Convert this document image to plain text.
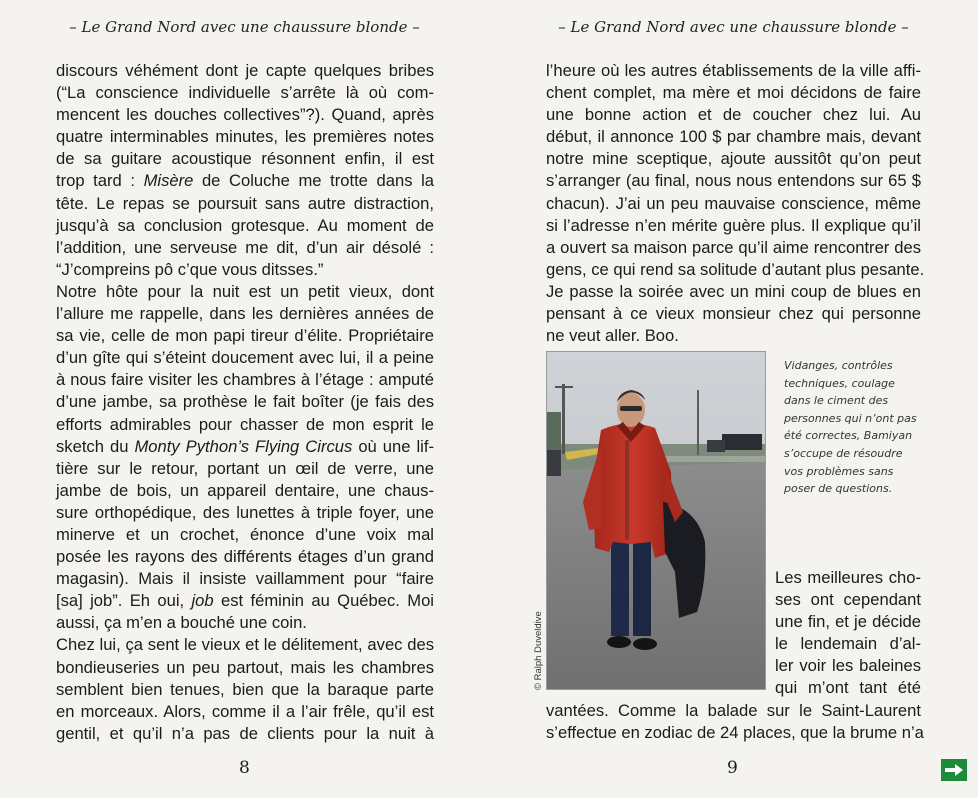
– Le Grand Nord avec une chaussure blonde –	– Le Grand Nord avec une chaussure blonde –
discours véhément dont je capte quelques bribes
(“La conscience individuelle s’arrête là où com-
mencent les douches collectives”?). Quand, après
quatre interminables minutes, les premières notes
de sa guitare acoustique résonnent enfin, il est
trop tard : Misère de Coluche me trotte dans la
tête. Le repas se poursuit sans autre distraction,
jusqu’à sa conclusion grotesque. Au moment de
l’addition, une serveuse me dit, d’un air désolé :
“J’compreins pô c’que vous ditsses.”
Notre hôte pour la nuit est un petit vieux, dont
l’allure me rappelle, dans les dernières années de
sa vie, celle de mon papi tireur d’élite. Propriétaire
d’un gîte qui s’éteint doucement avec lui, il a peine
à nous faire visiter les chambres à l’étage : amputé
d’une jambe, sa prothèse le fait boîter (je fais des
efforts admirables pour chasser de mon esprit le
sketch du Monty Python’s Flying Circus où une lif-
tière sur le retour, portant un œil de verre, une
jambe de bois, un appareil dentaire, une chaus-
sure orthopédique, des lunettes à triple foyer, une
minerve et un crochet, énonce d’une voix mal
posée les rayons des différents étages d’un grand
magasin). Mais il insiste vaillamment pour “faire
[sa] job”. Eh oui, job est féminin au Québec. Moi
aussi, ça m’en a bouché une coin.
Chez lui, ça sent le vieux et le délitement, avec des
bondieuseries un peu partout, mais les chambres
semblent bien tenues, bien que la baraque parte
en morceaux. Alors, comme il a l’air frêle, qu’il est
gentil, et qu’il n’a pas de clients pour la nuit à
l’heure où les autres établissements de la ville affi-
chent complet, ma mère et moi décidons de faire
une bonne action et de coucher chez lui. Au
début, il annonce 100 $ par chambre mais, devant
notre mine sceptique, ajoute aussitôt qu’on peut
s’arranger (au final, nous nous entendons sur 65 $
chacun). J’ai un peu mauvaise conscience, même
si l’adresse n’en mérite guère plus. Il explique qu’il
a ouvert sa maison parce qu’il aime rencontrer des
gens, ce qui rend sa solitude d’autant plus pesante.
Je passe la soirée avec un mini coup de blues en
pensant à ce vieux monsieur chez qui personne
ne veut aller. Boo.
Vidanges, contrôles techniques, coulage dans le ciment des personnes qui n’ont pas été correctes, Bamiyan s’occupe de résoudre vos problèmes sans poser de questions.
© Ralph Duveldive
Les meilleures cho-
ses ont cependant
une fin, et je décide
le lendemain d’al-
ler voir les baleines
qui m’ont tant été
vantées. Comme la balade sur le Saint-Laurent
s’effectue en zodiac de 24 places, que la brume n’a
8	9
